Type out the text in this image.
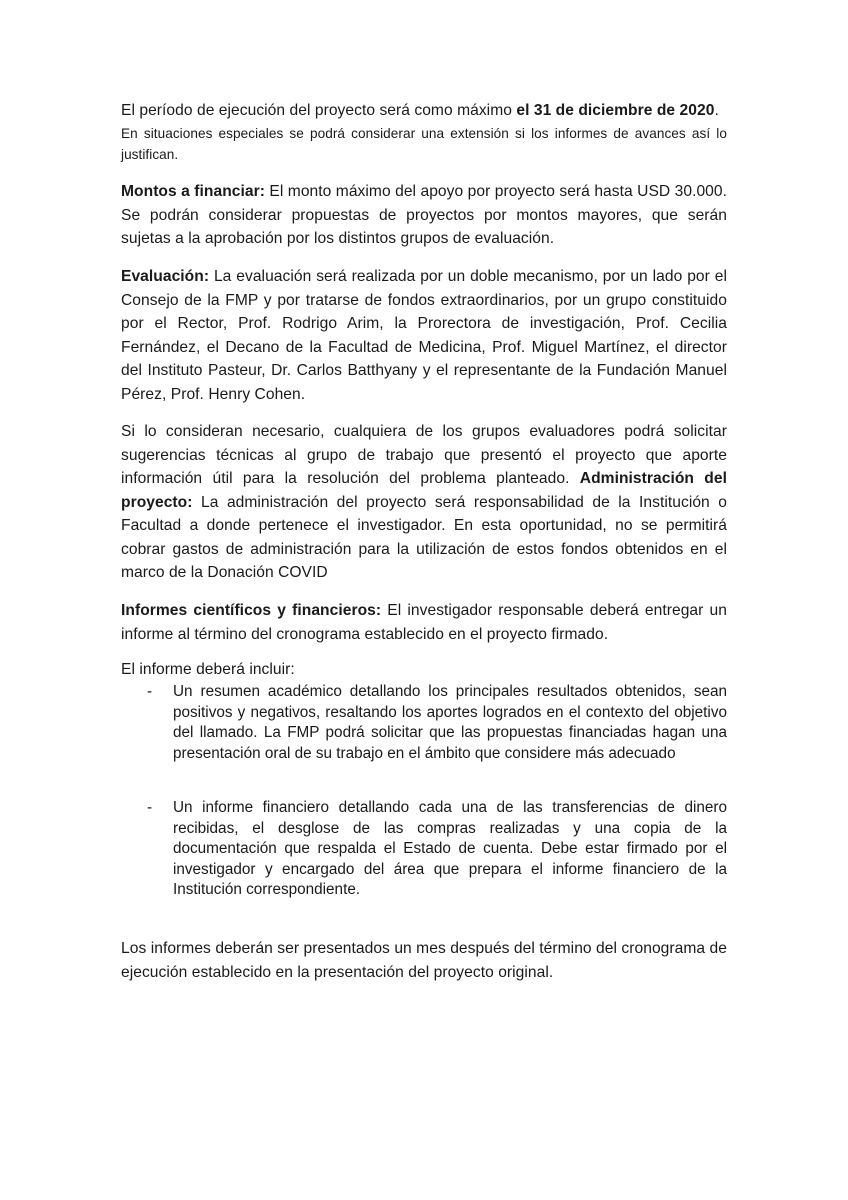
El período de ejecución del proyecto será como máximo el 31 de diciembre de 2020.
En situaciones especiales se podrá considerar una extensión si los informes de avances así lo justifican.

Montos a financiar: El monto máximo del apoyo por proyecto será hasta USD 30.000. Se podrán considerar propuestas de proyectos por montos mayores, que serán sujetas a la aprobación por los distintos grupos de evaluación.

Evaluación: La evaluación será realizada por un doble mecanismo, por un lado por el Consejo de la FMP y por tratarse de fondos extraordinarios, por un grupo constituido por el Rector, Prof. Rodrigo Arim, la Prorectora de investigación, Prof. Cecilia Fernández, el Decano de la Facultad de Medicina, Prof. Miguel Martínez, el director del Instituto Pasteur, Dr. Carlos Batthyany y el representante de la Fundación Manuel Pérez, Prof. Henry Cohen.

Si lo consideran necesario, cualquiera de los grupos evaluadores podrá solicitar sugerencias técnicas al grupo de trabajo que presentó el proyecto que aporte información útil para la resolución del problema planteado. Administración del proyecto: La administración del proyecto será responsabilidad de la Institución o Facultad a donde pertenece el investigador. En esta oportunidad, no se permitirá cobrar gastos de administración para la utilización de estos fondos obtenidos en el marco de la Donación COVID

Informes científicos y financieros: El investigador responsable deberá entregar un informe al término del cronograma establecido en el proyecto firmado.

El informe deberá incluir:

-	Un resumen académico detallando los principales resultados obtenidos, sean positivos y negativos, resaltando los aportes logrados en el contexto del objetivo del llamado. La FMP podrá solicitar que las propuestas financiadas hagan una presentación oral de su trabajo en el ámbito que considere más adecuado
-	Un informe financiero detallando cada una de las transferencias de dinero recibidas, el desglose de las compras realizadas y una copia de la documentación que respalda el Estado de cuenta. Debe estar firmado por el investigador y encargado del área que prepara el informe financiero de la Institución correspondiente.

Los informes deberán ser presentados un mes después del término del cronograma de ejecución establecido en la presentación del proyecto original.
